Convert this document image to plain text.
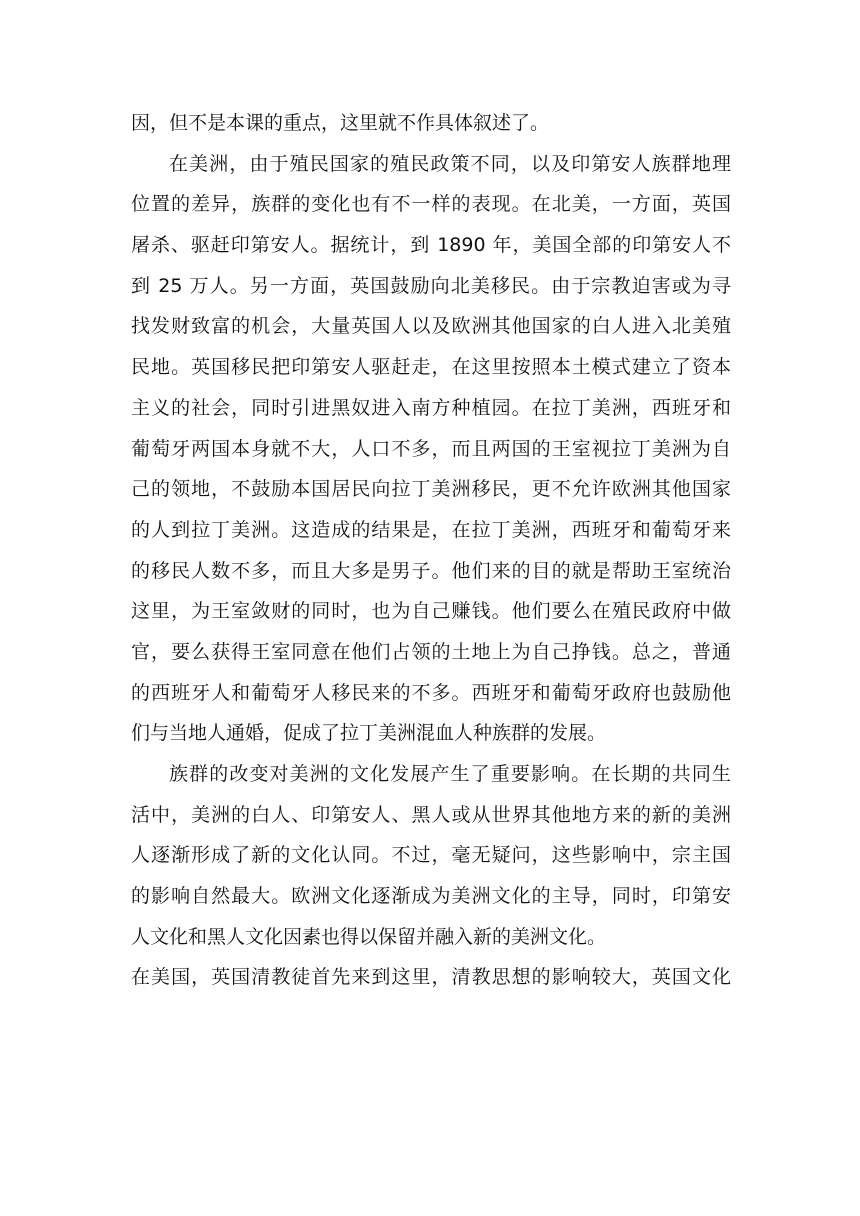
因，但不是本课的重点，这里就不作具体叙述了。
在美洲，由于殖民国家的殖民政策不同，以及印第安人族群地理
位置的差异，族群的变化也有不一样的表现。在北美，一方面，英国
屠杀、驱赶印第安人。据统计，到 1890 年，美国全部的印第安人不
到 25 万人。另一方面，英国鼓励向北美移民。由于宗教迫害或为寻
找发财致富的机会，大量英国人以及欧洲其他国家的白人进入北美殖
民地。英国移民把印第安人驱赶走，在这里按照本土模式建立了资本
主义的社会，同时引进黑奴进入南方种植园。在拉丁美洲，西班牙和
葡萄牙两国本身就不大，人口不多，而且两国的王室视拉丁美洲为自
己的领地，不鼓励本国居民向拉丁美洲移民，更不允许欧洲其他国家
的人到拉丁美洲。这造成的结果是，在拉丁美洲，西班牙和葡萄牙来
的移民人数不多，而且大多是男子。他们来的目的就是帮助王室统治
这里，为王室敛财的同时，也为自己赚钱。他们要么在殖民政府中做
官，要么获得王室同意在他们占领的土地上为自己挣钱。总之，普通
的西班牙人和葡萄牙人移民来的不多。西班牙和葡萄牙政府也鼓励他
们与当地人通婚，促成了拉丁美洲混血人种族群的发展。
族群的改变对美洲的文化发展产生了重要影响。在长期的共同生
活中，美洲的白人、印第安人、黑人或从世界其他地方来的新的美洲
人逐渐形成了新的文化认同。不过，毫无疑问，这些影响中，宗主国
的影响自然最大。欧洲文化逐渐成为美洲文化的主导，同时，印第安
人文化和黑人文化因素也得以保留并融入新的美洲文化。
在美国，英国清教徒首先来到这里，清教思想的影响较大，英国文化
